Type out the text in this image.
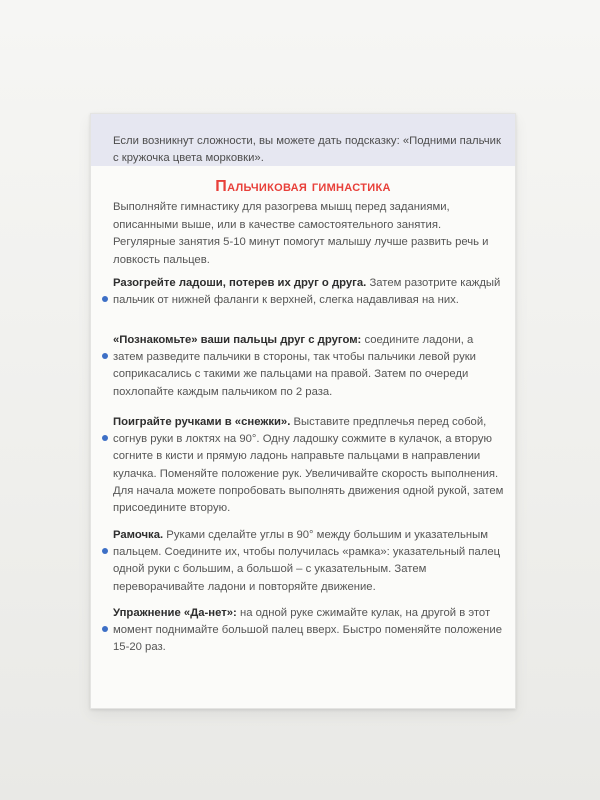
Если возникнут сложности, вы можете дать подсказку: «Подними пальчик с кружочка цвета морковки».
Пальчиковая гимнастика
Выполняйте гимнастику для разогрева мышц перед заданиями, описанными выше, или в качестве самостоятельного занятия. Регулярные занятия 5-10 минут помогут малышу лучше развить речь и ловкость пальцев.
Разогрейте ладоши, потерев их друг о друга. Затем разотрите каждый пальчик от нижней фаланги к верхней, слегка надавливая на них.
«Познакомьте» ваши пальцы друг с другом: соедините ладони, а затем разведите пальчики в стороны, так чтобы пальчики левой руки соприкасались с такими же пальцами на правой. Затем по очереди похлопайте каждым пальчиком по 2 раза.
Поиграйте ручками в «снежки». Выставите предплечья перед собой, согнув руки в локтях на 90°. Одну ладошку сожмите в кулачок, а вторую согните в кисти и прямую ладонь направьте пальцами в направлении кулачка. Поменяйте положение рук. Увеличивайте скорость выполнения. Для начала можете попробовать выполнять движения одной рукой, затем присоедините вторую.
Рамочка. Руками сделайте углы в 90° между большим и указательным пальцем. Соедините их, чтобы получилась «рамка»: указательный палец одной руки с большим, а большой – с указательным. Затем переворачивайте ладони и повторяйте движение.
Упражнение «Да-нет»: на одной руке сжимайте кулак, на другой в этот момент поднимайте большой палец вверх. Быстро поменяйте положение 15-20 раз.
